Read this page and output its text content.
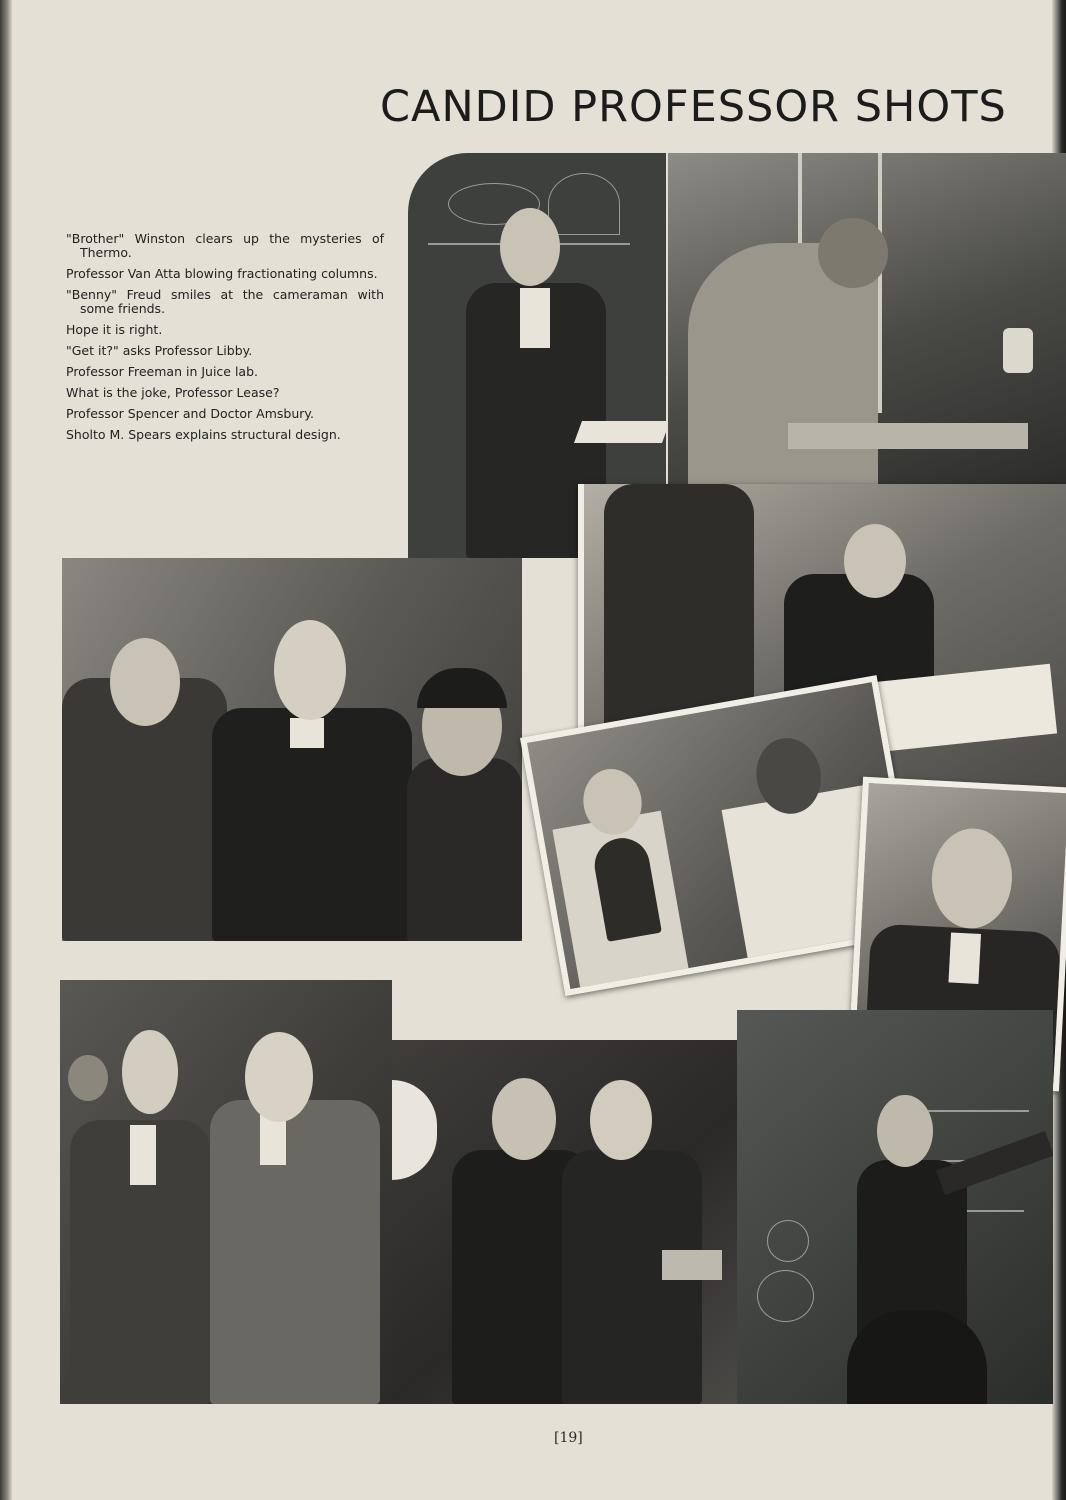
CANDID PROFESSOR SHOTS
"Brother" Winston clears up the mysteries of Thermo.
Professor Van Atta blowing fractionating columns.
"Benny" Freud smiles at the cameraman with some friends.
Hope it is right.
"Get it?" asks Professor Libby.
Professor Freeman in Juice lab.
What is the joke, Professor Lease?
Professor Spencer and Doctor Amsbury.
Sholto M. Spears explains structural design.
[19]
